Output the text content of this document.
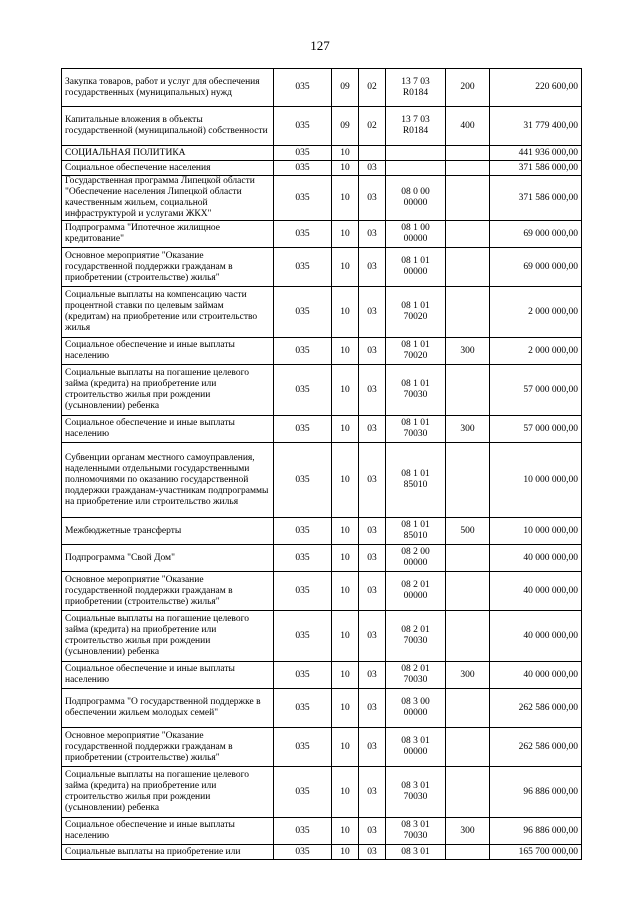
127
Закупка товаров, работ и услуг для обеспечения государственных (муниципальных) нужд	035	09	02	13 7 03 R0184	200	220 600,00
Капитальные вложения в объекты государственной (муниципальной) собственности	035	09	02	13 7 03 R0184	400	31 779 400,00
СОЦИАЛЬНАЯ ПОЛИТИКА	035	10				441 936 000,00
Социальное обеспечение населения	035	10	03			371 586 000,00
Государственная программа Липецкой области "Обеспечение населения Липецкой области качественным жильем, социальной инфраструктурой и услугами ЖКХ"	035	10	03	08 0 00 00000		371 586 000,00
Подпрограмма "Ипотечное жилищное кредитование"	035	10	03	08 1 00 00000		69 000 000,00
Основное мероприятие "Оказание государственной поддержки гражданам в приобретении (строительстве) жилья"	035	10	03	08 1 01 00000		69 000 000,00
Социальные выплаты на компенсацию части процентной ставки по целевым займам (кредитам) на приобретение или строительство жилья	035	10	03	08 1 01 70020		2 000 000,00
Социальное обеспечение и иные выплаты населению	035	10	03	08 1 01 70020	300	2 000 000,00
Социальные выплаты на погашение целевого займа (кредита) на приобретение или строительство жилья при рождении (усыновлении) ребенка	035	10	03	08 1 01 70030		57 000 000,00
Социальное обеспечение и иные выплаты населению	035	10	03	08 1 01 70030	300	57 000 000,00
Субвенции органам местного самоуправления, наделенными отдельными государственными полномочиями по оказанию государственной поддержки гражданам-участникам подпрограммы на приобретение или строительство жилья	035	10	03	08 1 01 85010		10 000 000,00
Межбюджетные трансферты	035	10	03	08 1 01 85010	500	10 000 000,00
Подпрограмма "Свой Дом"	035	10	03	08 2 00 00000		40 000 000,00
Основное мероприятие "Оказание государственной поддержки гражданам в приобретении (строительстве) жилья"	035	10	03	08 2 01 00000		40 000 000,00
Социальные выплаты на погашение целевого займа (кредита) на приобретение или строительство жилья при рождении (усыновлении) ребенка	035	10	03	08 2 01 70030		40 000 000,00
Социальное обеспечение и иные выплаты населению	035	10	03	08 2 01 70030	300	40 000 000,00
Подпрограмма "О государственной поддержке в обеспечении жильем молодых семей"	035	10	03	08 3 00 00000		262 586 000,00
Основное мероприятие "Оказание государственной поддержки гражданам в приобретении (строительстве) жилья"	035	10	03	08 3 01 00000		262 586 000,00
Социальные выплаты на погашение целевого займа (кредита) на приобретение или строительство жилья при рождении (усыновлении) ребенка	035	10	03	08 3 01 70030		96 886 000,00
Социальное обеспечение и иные выплаты населению	035	10	03	08 3 01 70030	300	96 886 000,00
Социальные выплаты на приобретение или	035	10	03	08 3 01		165 700 000,00
